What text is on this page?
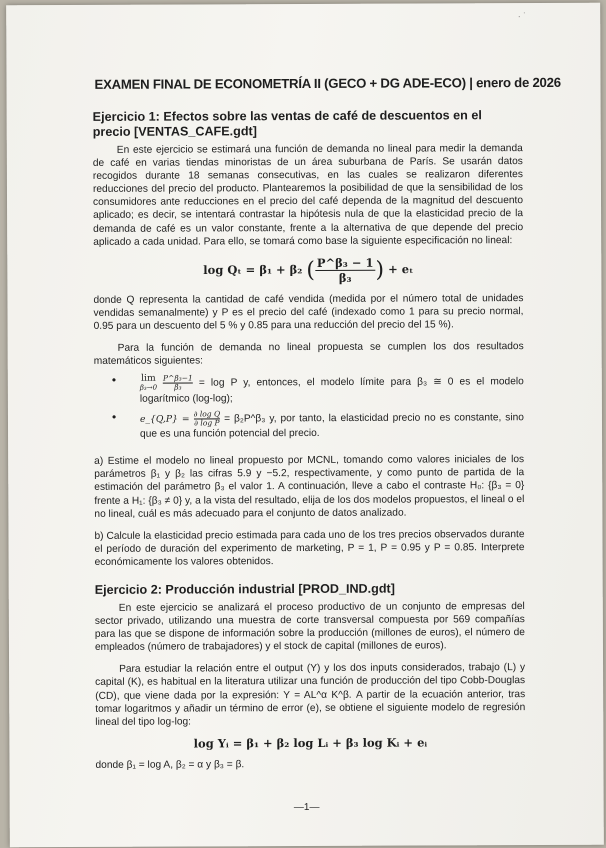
· ˙
EXAMEN FINAL DE ECONOMETRÍA II (GECO + DG ADE-ECO) | enero de 2026
Ejercicio 1: Efectos sobre las ventas de café de descuentos en el precio [VENTAS_CAFE.gdt]

En este ejercicio se estimará una función de demanda no lineal para medir la demanda de café en varias tiendas minoristas de un área suburbana de París. Se usarán datos recogidos durante 18 semanas consecutivas, en las cuales se realizaron diferentes reducciones del precio del producto. Plantearemos la posibilidad de que la sensibilidad de los consumidores ante reducciones en el precio del café dependa de la magnitud del descuento aplicado; es decir, se intentará contrastar la hipótesis nula de que la elasticidad precio de la demanda de café es un valor constante, frente a la alternativa de que depende del precio aplicado a cada unidad. Para ello, se tomará como base la siguiente especificación no lineal:

log Qₜ = β₁ + β₂ ( $\frac{\text{P\textasciicircum{}β₃ − 1}}{\text{β₃}}$ ) + eₜ

donde Q representa la cantidad de café vendida (medida por el número total de unidades vendidas semanalmente) y P es el precio del café (indexado como 1 para su precio normal, 0.95 para un descuento del 5 % y 0.85 para una reducción del precio del 15 %).

Para la función de demanda no lineal propuesta se cumplen los dos resultados matemáticos siguientes:

•	lim
$\beta_3\to 0 \frac{\text{P\textasciicircum{}β₃−1}}{\text{β₃}} = \log P$ y, entonces, el modelo límite para β₃ ≅ 0 es el modelo logarítmico (log-log);
•	e_{Q,P} = $\frac{\text{∂ log Q}}{\text{∂ log P}}$ = β₂P^β₃ y, por tanto, la elasticidad precio no es constante, sino que es una función potencial del precio.

a) Estime el modelo no lineal propuesto por MCNL, tomando como valores iniciales de los parámetros β₁ y β₂ las cifras 5.9 y −5.2, respectivamente, y como punto de partida de la estimación del parámetro β₃ el valor 1. A continuación, lleve a cabo el contraste H₀: {β₃ = 0} frente a H₁: {β₃ ≠ 0} y, a la vista del resultado, elija de los dos modelos propuestos, el lineal o el no lineal, cuál es más adecuado para el conjunto de datos analizado.

b) Calcule la elasticidad precio estimada para cada uno de los tres precios observados durante el período de duración del experimento de marketing, P = 1, P = 0.95 y P = 0.85. Interprete económicamente los valores obtenidos.

Ejercicio 2: Producción industrial [PROD_IND.gdt]

En este ejercicio se analizará el proceso productivo de un conjunto de empresas del sector privado, utilizando una muestra de corte transversal compuesta por 569 compañías para las que se dispone de información sobre la producción (millones de euros), el número de empleados (número de trabajadores) y el stock de capital (millones de euros).

Para estudiar la relación entre el output (Y) y los dos inputs considerados, trabajo (L) y capital (K), es habitual en la literatura utilizar una función de producción del tipo Cobb-Douglas (CD), que viene dada por la expresión: Y = AL^α K^β. A partir de la ecuación anterior, tras tomar logaritmos y añadir un término de error (e), se obtiene el siguiente modelo de regresión lineal del tipo log-log:

log Yᵢ = β₁ + β₂ log Lᵢ + β₃ log Kᵢ + eᵢ

donde β₁ = log A, β₂ = α y β₃ = β.

—1—
